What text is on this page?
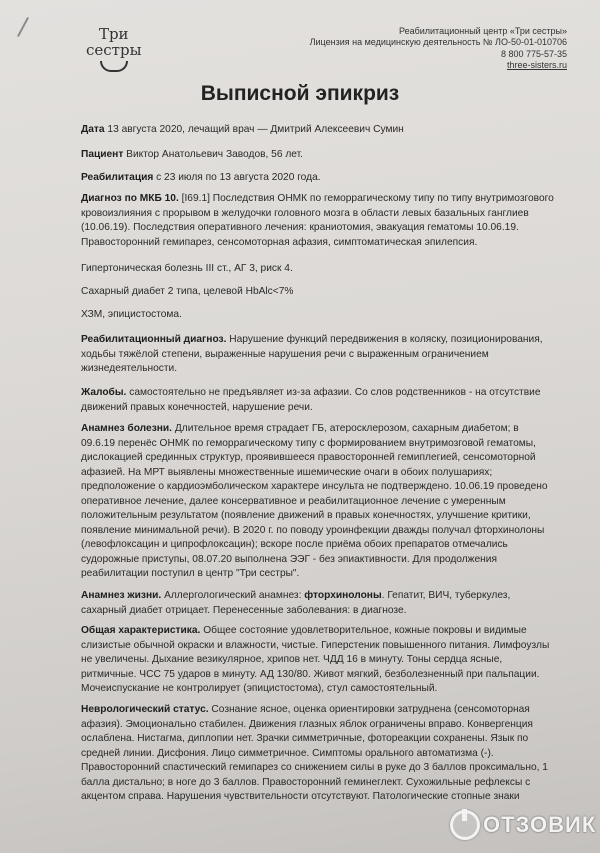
Три
сестры
Реабилитационный центр «Три сестры»
Лицензия на медицинскую деятельность № ЛО-50-01-010706
8 800 775-57-35
three-sisters.ru
Выписной эпикриз
Дата 13 августа 2020, лечащий врач — Дмитрий Алексеевич Сумин
Пациент Виктор Анатольевич Заводов, 56 лет.
Реабилитация с 23 июля по 13 августа 2020 года.
Диагноз по МКБ 10. [I69.1] Последствия ОНМК по геморрагическому типу по типу внутримозгового
кровоизлияния с прорывом в желудочки головного мозга в области левых базальных ганглиев
(10.06.19). Последствия оперативного лечения: краниотомия, эвакуация гематомы 10.06.19.
Правосторонний гемипарез, сенсомоторная афазия, симптоматическая эпилепсия.
Гипертоническая болезнь III ст., АГ 3, риск 4.
Сахарный диабет 2 типа, целевой HbAlc<7%
ХЗМ, эпицистостома.
Реабилитационный диагноз. Нарушение функций передвижения в коляску, позиционирования,
ходьбы тяжёлой степени, выраженные нарушения речи с выраженным ограничением
жизнедеятельности.
Жалобы. самостоятельно не предъявляет из-за афазии. Со слов родственников - на отсутствие
движений правых конечностей, нарушение речи.
Анамнез болезни. Длительное время страдает ГБ, атеросклерозом, сахарным диабетом; в
09.6.19 перенёс ОНМК по геморрагическому типу с формированием внутримозговой гематомы,
дислокацией срединных структур, проявившееся правосторонней гемиплегией, сенсомоторной
афазией. На МРТ выявлены множественные ишемические очаги в обоих полушариях;
предположение о кардиоэмболическом характере инсульта не подтверждено. 10.06.19 проведено
оперативное лечение, далее консервативное и реабилитационное лечение с умеренным
положительным результатом (появление движений в правых конечностях, улучшение критики,
появление минимальной речи). В 2020 г. по поводу уроинфекции дважды получал фторхинолоны
(левофлоксацин и ципрофлоксацин); вскоре после приёма обоих препаратов отмечались
судорожные приступы, 08.07.20 выполнена ЭЭГ - без эпиактивности. Для продолжения
реабилитации поступил в центр "Три сестры".
Анамнез жизни. Аллергологический анамнез: фторхинолоны. Гепатит, ВИЧ, туберкулез,
сахарный диабет отрицает. Перенесенные заболевания: в диагнозе.
Общая характеристика. Общее состояние удовлетворительное, кожные покровы и видимые
слизистые обычной окраски и влажности, чистые. Гиперстеник повышенного питания. Лимфоузлы
не увеличены. Дыхание везикулярное, хрипов нет. ЧДД 16 в минуту. Тоны сердца ясные,
ритмичные. ЧСС 75 ударов в минуту. АД 130/80. Живот мягкий, безболезненный при пальпации.
Мочеиспускание не контролирует (эпицистостома), стул самостоятельный.
Неврологический статус. Сознание ясное, оценка ориентировки затруднена (сенсомоторная
афазия). Эмоционально стабилен. Движения глазных яблок ограничены вправо. Конвергенция
ослаблена. Нистагма, диплопии нет. Зрачки симметричные, фотореакции сохранены. Язык по
средней линии. Дисфония. Лицо симметричное. Симптомы орального автоматизма (-).
Правосторонний спастический гемипарез со снижением силы в руке до 3 баллов проксимально, 1
балла дистально; в ноге до 3 баллов. Правосторонний геминеглект. Сухожильные рефлексы с
акцентом справа. Нарушения чувствительности отсутствуют. Патологические стопные знаки
ОТЗОВИК
